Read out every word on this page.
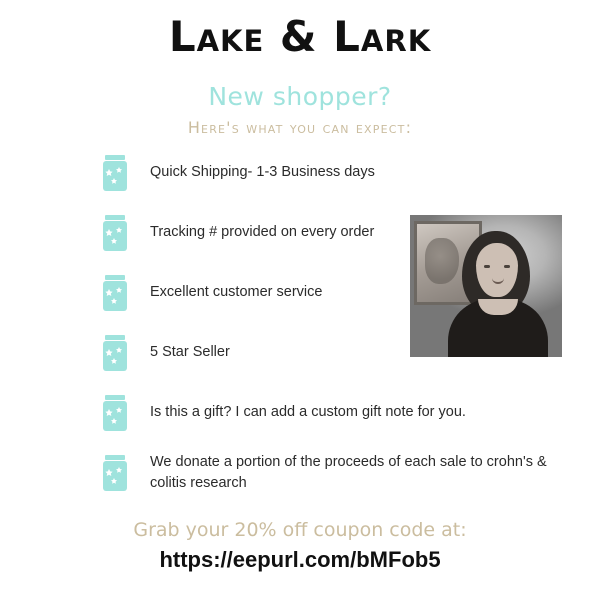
Lake & Lark
New shopper?
Here's what you can expect:
Quick Shipping- 1-3 Business days
Tracking # provided on every order
Excellent customer service
5 Star Seller
Is this a gift? I can add a custom gift note for you.
We donate a portion of the proceeds of each sale to crohn's & colitis research
Grab your 20% off coupon code at:
https://eepurl.com/bMFob5
